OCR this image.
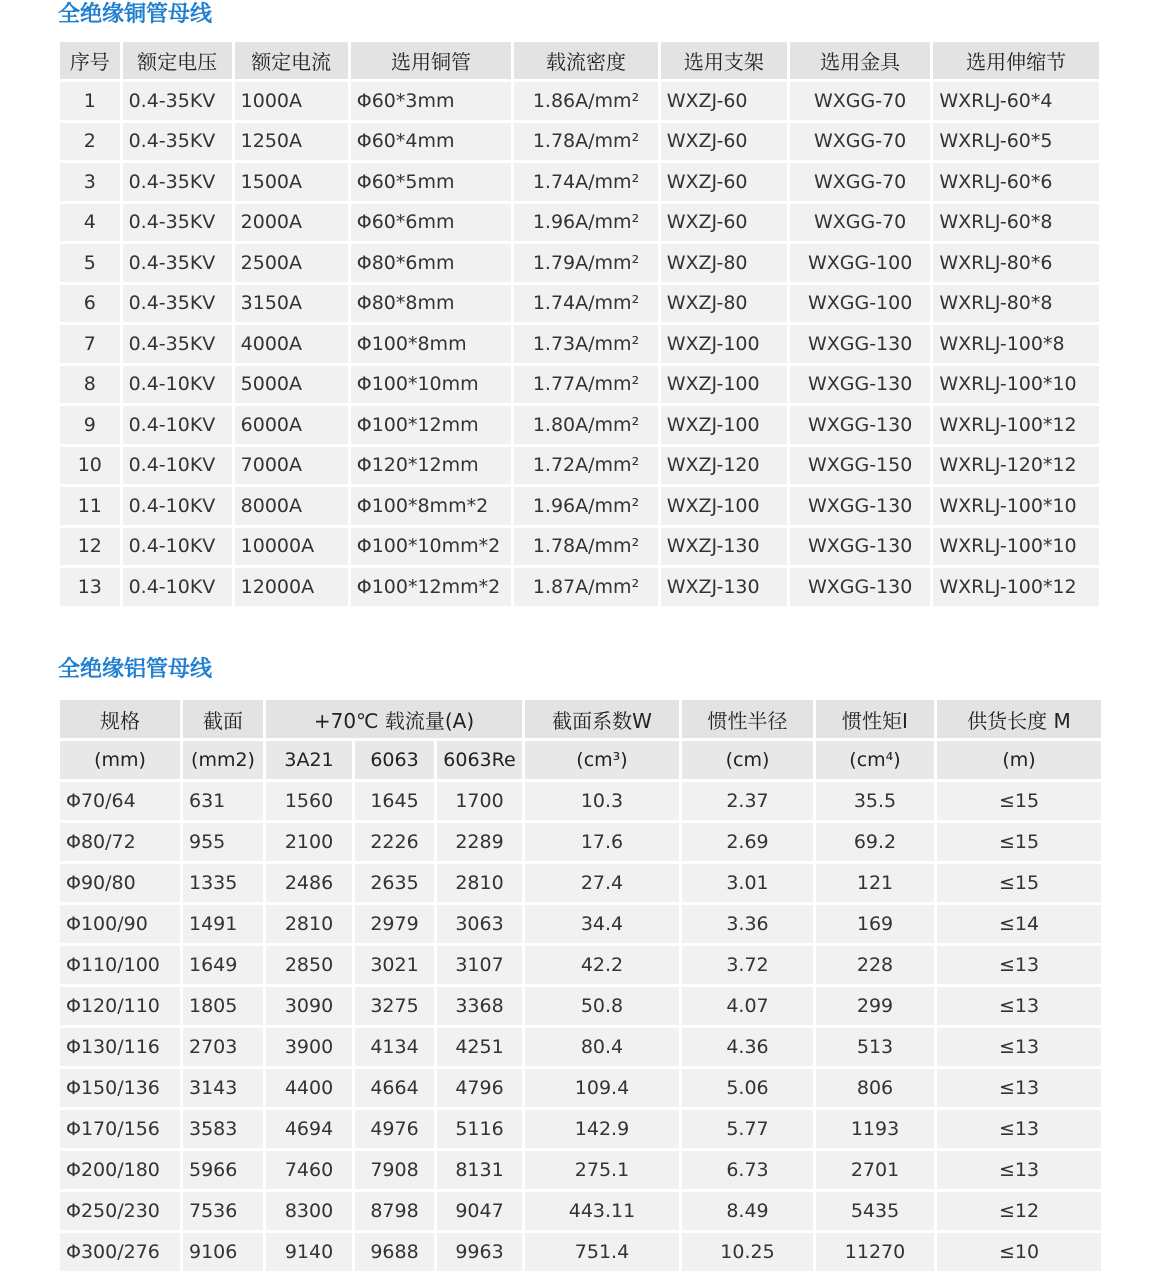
全绝缘铜管母线
序号	额定电压	额定电流	选用铜管	载流密度	选用支架	选用金具	选用伸缩节
1	0.4-35KV	1000A	Φ60*3mm	1.86A/mm²	WXZJ-60	WXGG-70	WXRLJ-60*4
2	0.4-35KV	1250A	Φ60*4mm	1.78A/mm²	WXZJ-60	WXGG-70	WXRLJ-60*5
3	0.4-35KV	1500A	Φ60*5mm	1.74A/mm²	WXZJ-60	WXGG-70	WXRLJ-60*6
4	0.4-35KV	2000A	Φ60*6mm	1.96A/mm²	WXZJ-60	WXGG-70	WXRLJ-60*8
5	0.4-35KV	2500A	Φ80*6mm	1.79A/mm²	WXZJ-80	WXGG-100	WXRLJ-80*6
6	0.4-35KV	3150A	Φ80*8mm	1.74A/mm²	WXZJ-80	WXGG-100	WXRLJ-80*8
7	0.4-35KV	4000A	Φ100*8mm	1.73A/mm²	WXZJ-100	WXGG-130	WXRLJ-100*8
8	0.4-10KV	5000A	Φ100*10mm	1.77A/mm²	WXZJ-100	WXGG-130	WXRLJ-100*10
9	0.4-10KV	6000A	Φ100*12mm	1.80A/mm²	WXZJ-100	WXGG-130	WXRLJ-100*12
10	0.4-10KV	7000A	Φ120*12mm	1.72A/mm²	WXZJ-120	WXGG-150	WXRLJ-120*12
11	0.4-10KV	8000A	Φ100*8mm*2	1.96A/mm²	WXZJ-100	WXGG-130	WXRLJ-100*10
12	0.4-10KV	10000A	Φ100*10mm*2	1.78A/mm²	WXZJ-130	WXGG-130	WXRLJ-100*10
13	0.4-10KV	12000A	Φ100*12mm*2	1.87A/mm²	WXZJ-130	WXGG-130	WXRLJ-100*12
全绝缘铝管母线
规格	截面	+70℃ 载流量(A)			截面系数W	惯性半径	惯性矩I	供货长度 M
(mm)	(mm2)	3A21	6063	6063Re	(cm³)	(cm)	(cm⁴)	(m)
Φ70/64	631	1560	1645	1700	10.3	2.37	35.5	≤15
Φ80/72	955	2100	2226	2289	17.6	2.69	69.2	≤15
Φ90/80	1335	2486	2635	2810	27.4	3.01	121	≤15
Φ100/90	1491	2810	2979	3063	34.4	3.36	169	≤14
Φ110/100	1649	2850	3021	3107	42.2	3.72	228	≤13
Φ120/110	1805	3090	3275	3368	50.8	4.07	299	≤13
Φ130/116	2703	3900	4134	4251	80.4	4.36	513	≤13
Φ150/136	3143	4400	4664	4796	109.4	5.06	806	≤13
Φ170/156	3583	4694	4976	5116	142.9	5.77	1193	≤13
Φ200/180	5966	7460	7908	8131	275.1	6.73	2701	≤13
Φ250/230	7536	8300	8798	9047	443.11	8.49	5435	≤12
Φ300/276	9106	9140	9688	9963	751.4	10.25	11270	≤10
